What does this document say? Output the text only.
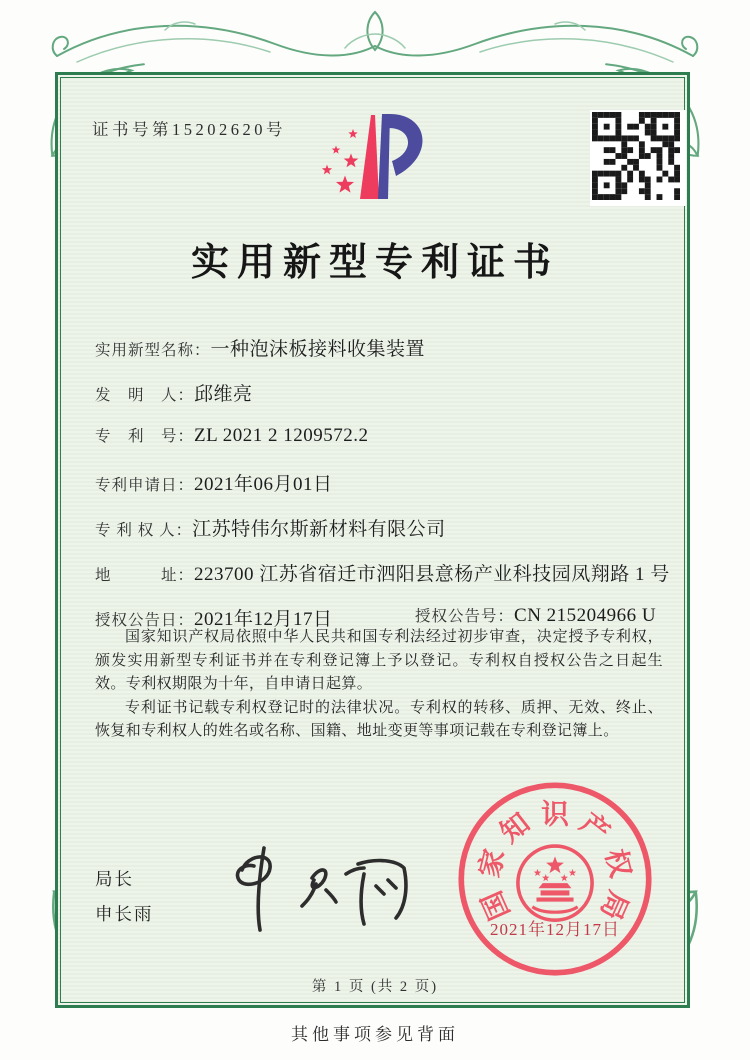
证书号第15202620号
实用新型专利证书
实用新型名称： 一种泡沫板接料收集装置
发　明　人： 邱维亮
专　利　号： ZL 2021 2 1209572.2
专利申请日： 2021年06月01日
专 利 权 人： 江苏特伟尔斯新材料有限公司
地　　　址： 223700 江苏省宿迁市泗阳县意杨产业科技园凤翔路 1 号
授权公告日： 2021年12月17日	授权公告号： CN 215204966 U

国家知识产权局依照中华人民共和国专利法经过初步审查，决定授予专利权，颁发实用新型专利证书并在专利登记簿上予以登记。专利权自授权公告之日起生效。专利权期限为十年，自申请日起算。

专利证书记载专利权登记时的法律状况。专利权的转移、质押、无效、终止、恢复和专利权人的姓名或名称、国籍、地址变更等事项记载在专利登记簿上。

局长
申长雨	国
家
知 识 产
权
局
2021年12月17日
第 1 页 (共 2 页)
其他事项参见背面
